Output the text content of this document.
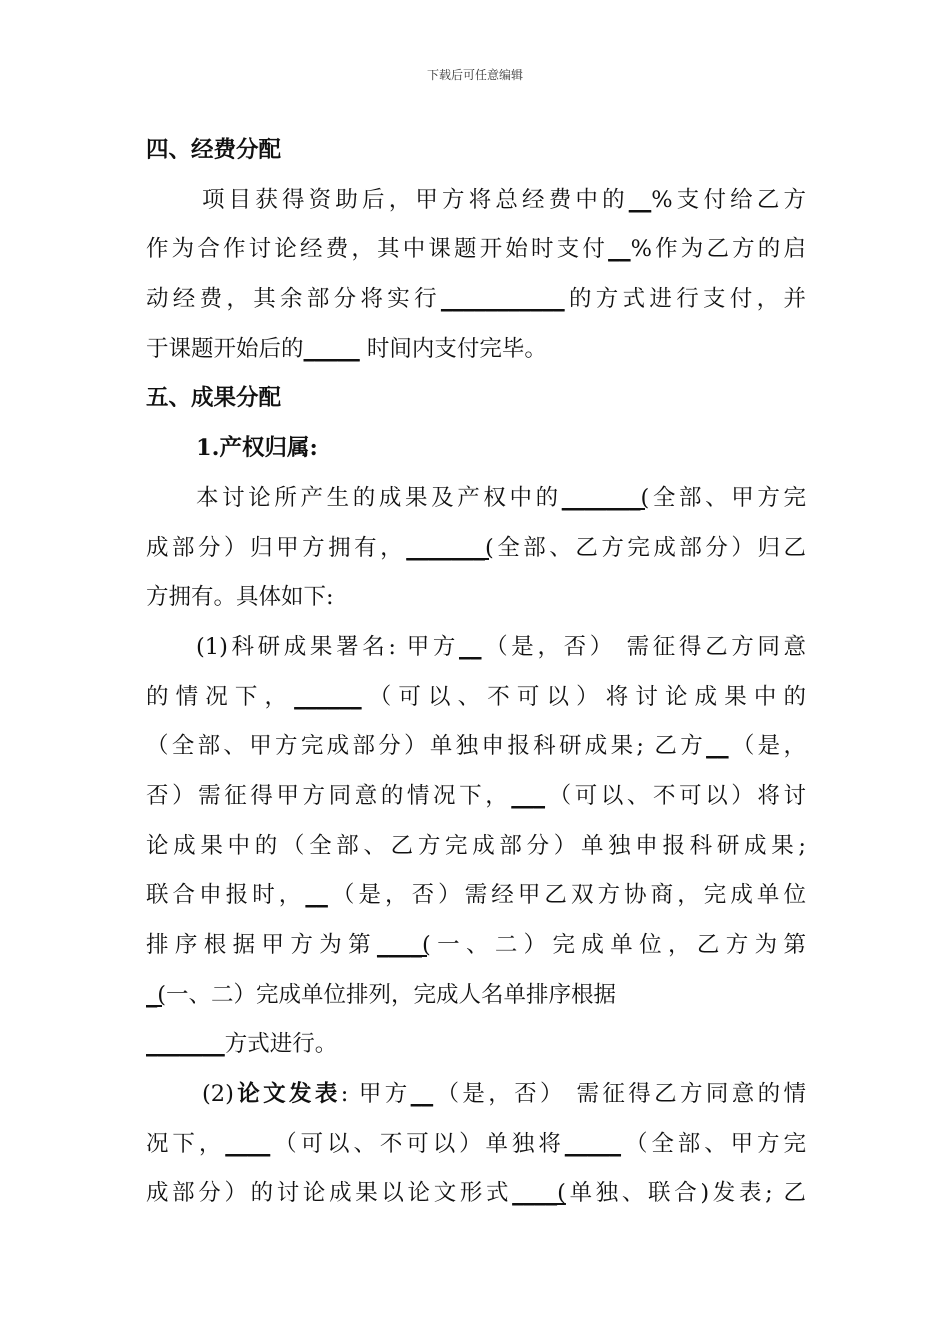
下载后可任意编辑
四、经费分配
项目获得资助后，甲方将总经费中的__%支付给乙方
作为合作讨论经费，其中课题开始时支付__%作为乙方的启
动经费，其余部分将实行___________的方式进行支付，并
于课题开始后的_____ 时间内支付完毕。
五、成果分配
1.产权归属:
本讨论所产生的成果及产权中的_______(全部、甲方完
成部分）归甲方拥有，_______(全部、乙方完成部分）归乙
方拥有。具体如下:
(1)科研成果署名: 甲方__（是，否） 需征得乙方同意
的情况下，______（可以、不可以）将讨论成果中的
（全部、甲方完成部分）单独申报科研成果; 乙方__（是，
否）需征得甲方同意的情况下，___（可以、不可以）将讨
论成果中的（全部、乙方完成部分）单独申报科研成果;
联合申报时，__（是，否）需经甲乙双方协商，完成单位
排序根据甲方为第____(一、二）完成单位，乙方为第
_(一、二）完成单位排列，完成人名单排序根据
_______方式进行。
(2)论文发表: 甲方__（是，否） 需征得乙方同意的情
况下，____（可以、不可以）单独将_____（全部、甲方完
成部分）的讨论成果以论文形式____(单独、联合)发表; 乙
